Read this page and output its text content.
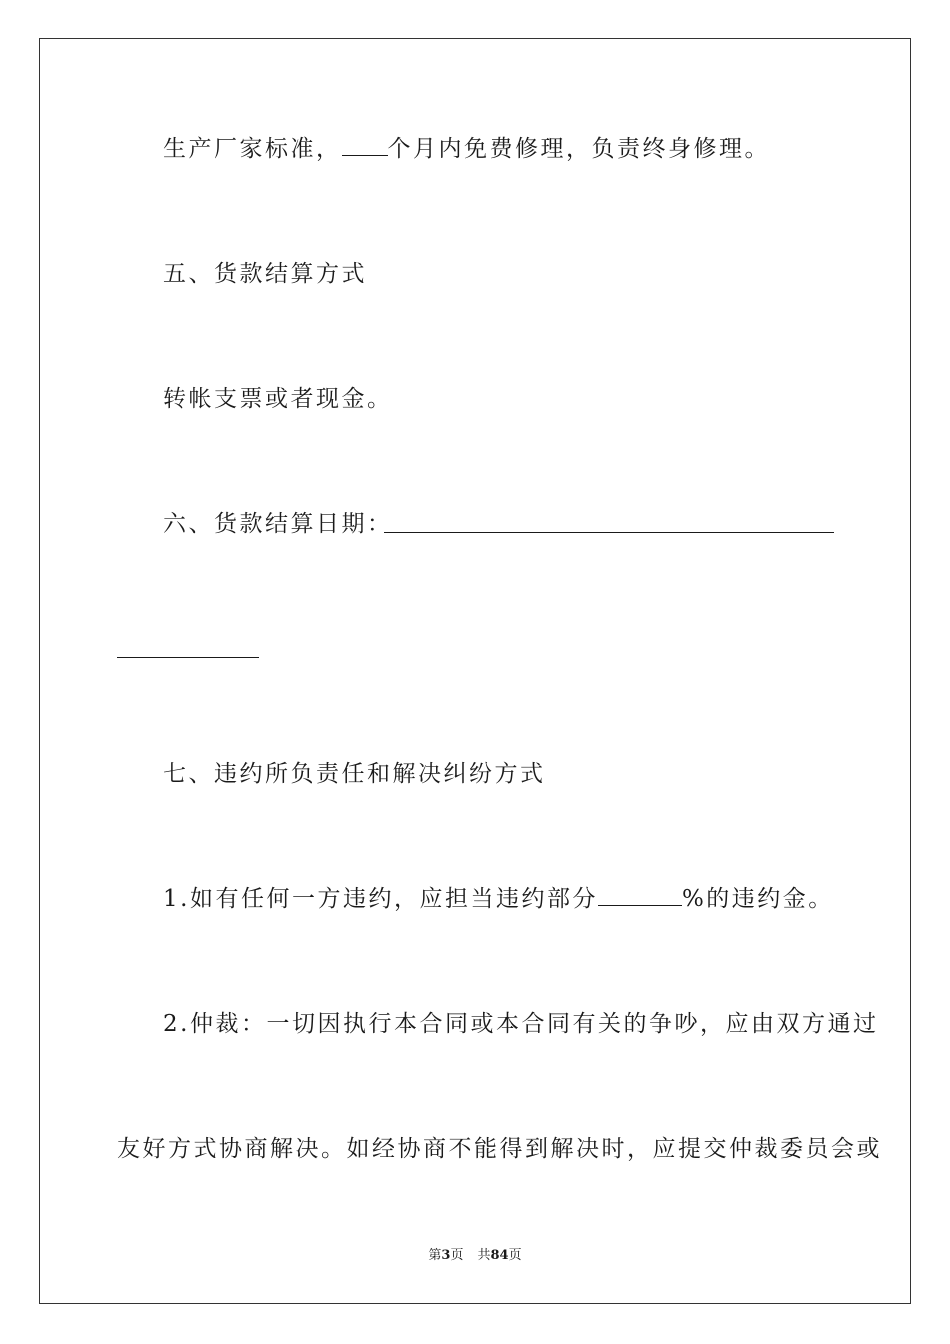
生产厂家标准， 个月内免费修理，负责终身修理。
五、货款结算方式
转帐支票或者现金。
六、货款结算日期：
七、违约所负责任和解决纠纷方式
1.如有任何一方违约，应担当违约部分	%的违约金。
2.仲裁：一切因执行本合同或本合同有关的争吵，应由双方通过
友好方式协商解决。如经协商不能得到解决时，应提交仲裁委员会或
第3页 共84页
